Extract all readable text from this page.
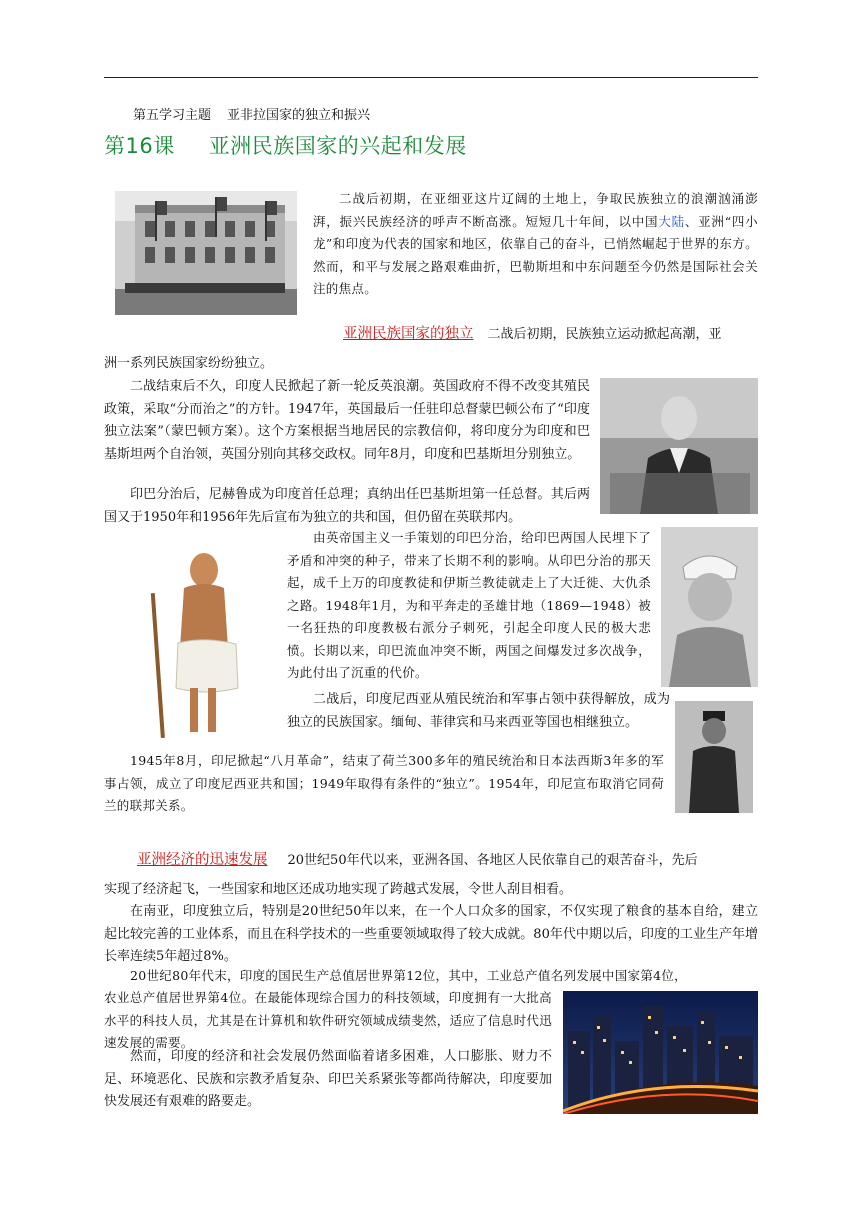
第五学习主题 亚非拉国家的独立和振兴
第16课 亚洲民族国家的兴起和发展
二战后初期，在亚细亚这片辽阔的土地上，争取民族独立的浪潮汹涌澎湃，振兴民族经济的呼声不断高涨。短短几十年间，以中国大陆、亚洲“四小龙”和印度为代表的国家和地区，依靠自己的奋斗，已悄然崛起于世界的东方。然而，和平与发展之路艰难曲折，巴勒斯坦和中东问题至今仍然是国际社会关注的焦点。
亚洲民族国家的独立 二战后初期，民族独立运动掀起高潮，亚
洲一系列民族国家纷纷独立。

二战结束后不久，印度人民掀起了新一轮反英浪潮。英国政府不得不改变其殖民政策，采取“分而治之”的方针。1947年，英国最后一任驻印总督蒙巴顿公布了“印度独立法案”（蒙巴顿方案）。这个方案根据当地居民的宗教信仰，将印度分为印度和巴基斯坦两个自治领，英国分别向其移交政权。同年8月，印度和巴基斯坦分别独立。

印巴分治后，尼赫鲁成为印度首任总理；真纳出任巴基斯坦第一任总督。其后两国又于1950年和1956年先后宣布为独立的共和国，但仍留在英联邦内。

由英帝国主义一手策划的印巴分治，给印巴两国人民埋下了矛盾和冲突的种子，带来了长期不利的影响。从印巴分治的那天起，成千上万的印度教徒和伊斯兰教徒就走上了大迁徙、大仇杀之路。1948年1月，为和平奔走的圣雄甘地（1869—1948）被一名狂热的印度教极右派分子刺死，引起全印度人民的极大悲愤。长期以来，印巴流血冲突不断，两国之间爆发过多次战争，为此付出了沉重的代价。

二战后，印度尼西亚从殖民统治和军事占领中获得解放，成为独立的民族国家。缅甸、菲律宾和马来西亚等国也相继独立。

1945年8月，印尼掀起“八月革命”，结束了荷兰300多年的殖民统治和日本法西斯3年多的军事占领，成立了印度尼西亚共和国；1949年取得有条件的“独立”。1954年，印尼宣布取消它同荷兰的联邦关系。

亚洲经济的迅速发展 20世纪50年代以来，亚洲各国、各地区人民依靠自己的艰苦奋斗，先后
实现了经济起飞，一些国家和地区还成功地实现了跨越式发展，令世人刮目相看。

在南亚，印度独立后，特别是20世纪50年以来，在一个人口众多的国家，不仅实现了粮食的基本自给，建立起比较完善的工业体系，而且在科学技术的一些重要领域取得了较大成就。80年代中期以后，印度的工业生产年增长率连续5年超过8%。

20世纪80年代末，印度的国民生产总值居世界第12位，其中，工业总产值名列发展中国家第4位，

农业总产值居世界第4位。在最能体现综合国力的科技领域，印度拥有一大批高水平的科技人员，尤其是在计算机和软件研究领域成绩斐然，适应了信息时代迅速发展的需要。

然而，印度的经济和社会发展仍然面临着诸多困难，人口膨胀、财力不足、环境恶化、民族和宗教矛盾复杂、印巴关系紧张等都尚待解决，印度要加快发展还有艰难的路要走。
